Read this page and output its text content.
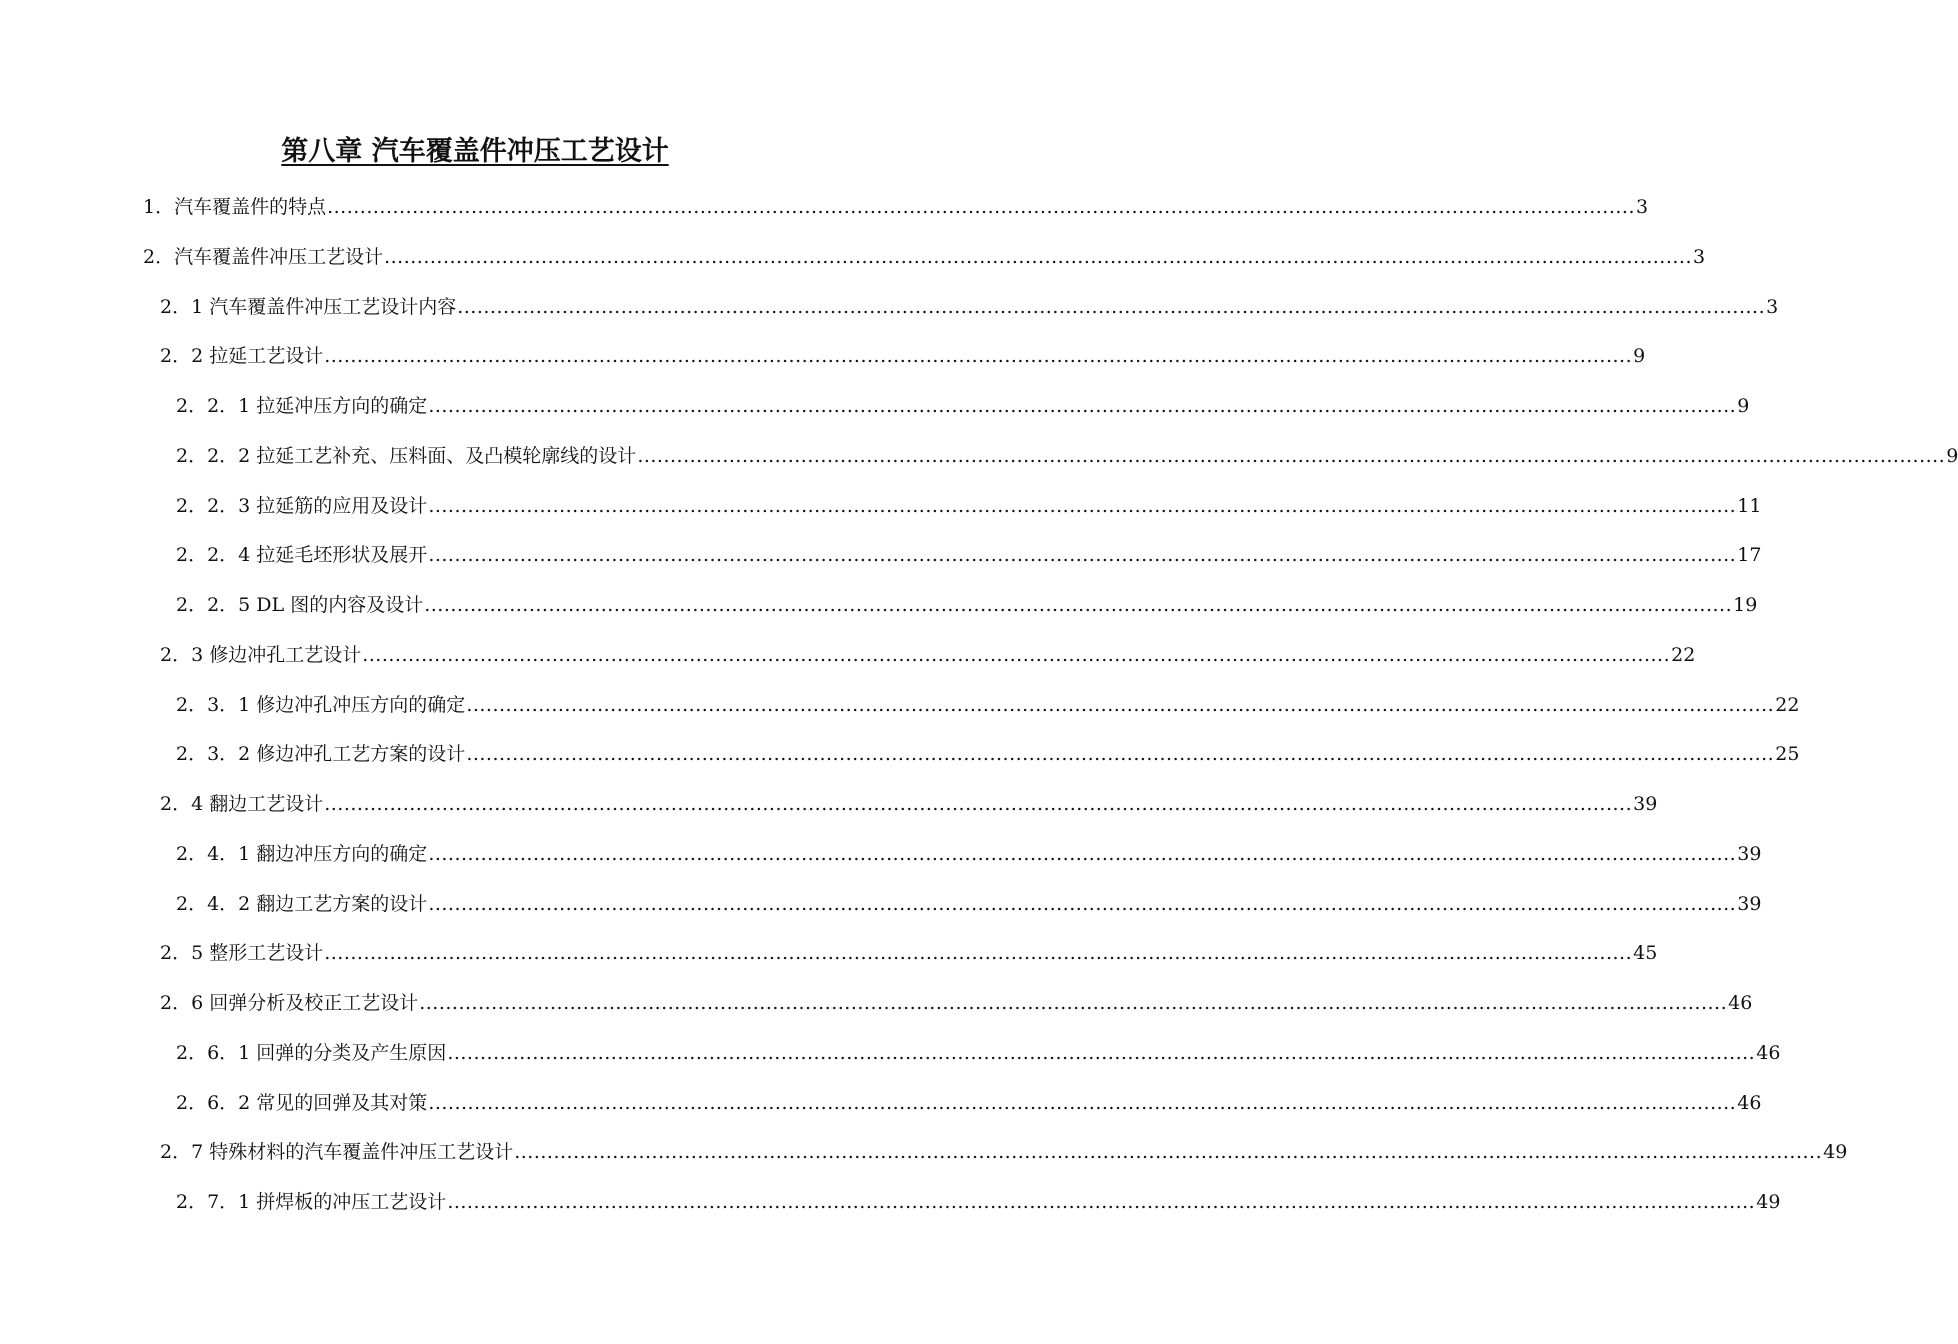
第八章 汽车覆盖件冲压工艺设计
1．汽车覆盖件的特点 ........................................................................................................................................................................................................ 3
2．汽车覆盖件冲压工艺设计 ........................................................................................................................................................................................................ 3
2．1 汽车覆盖件冲压工艺设计内容 ........................................................................................................................................................................................................ 3
2．2 拉延工艺设计 ........................................................................................................................................................................................................ 9
2．2．1 拉延冲压方向的确定 ........................................................................................................................................................................................................ 9
2．2．2 拉延工艺补充、压料面、及凸模轮廓线的设计 ........................................................................................................................................................................................................ 9
2．2．3 拉延筋的应用及设计 ........................................................................................................................................................................................................ 11
2．2．4 拉延毛坯形状及展开 ........................................................................................................................................................................................................ 17
2．2．5 DL 图的内容及设计 ........................................................................................................................................................................................................ 19
2．3 修边冲孔工艺设计 ........................................................................................................................................................................................................ 22
2．3．1 修边冲孔冲压方向的确定 ........................................................................................................................................................................................................ 22
2．3．2 修边冲孔工艺方案的设计 ........................................................................................................................................................................................................ 25
2．4 翻边工艺设计 ........................................................................................................................................................................................................ 39
2．4．1 翻边冲压方向的确定 ........................................................................................................................................................................................................ 39
2．4．2 翻边工艺方案的设计 ........................................................................................................................................................................................................ 39
2．5 整形工艺设计 ........................................................................................................................................................................................................ 45
2．6 回弹分析及校正工艺设计 ........................................................................................................................................................................................................ 46
2．6．1 回弹的分类及产生原因 ........................................................................................................................................................................................................ 46
2．6．2 常见的回弹及其对策 ........................................................................................................................................................................................................ 46
2．7 特殊材料的汽车覆盖件冲压工艺设计 ........................................................................................................................................................................................................ 49
2．7．1 拼焊板的冲压工艺设计 ........................................................................................................................................................................................................ 49
